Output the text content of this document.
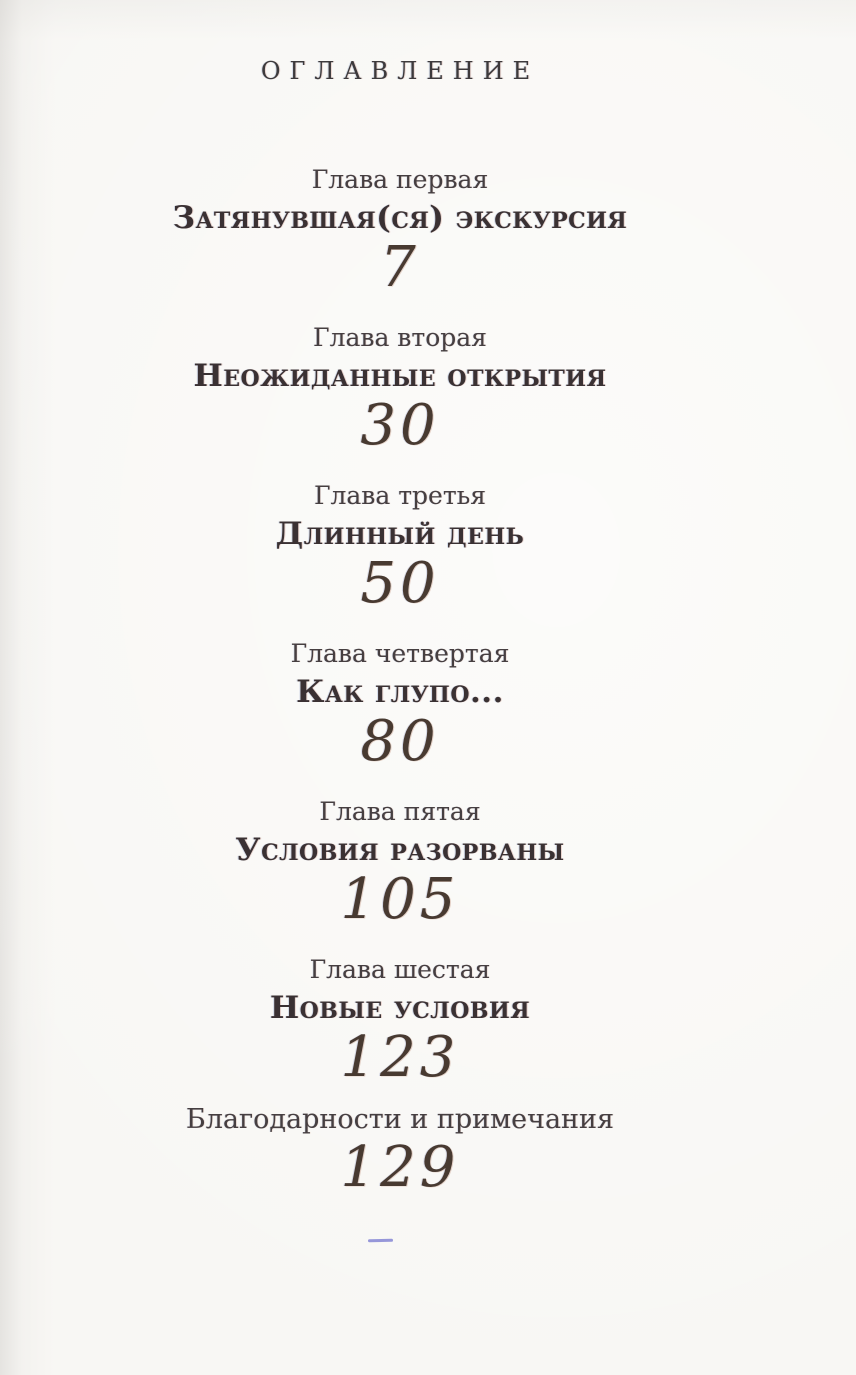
ОГЛАВЛЕНИЕ
Глава первая
Затянувшая(ся) экскурсия
7
Глава вторая
Неожиданные открытия
30
Глава третья
Длинный день
50
Глава четвертая
Как глупо...
80
Глава пятая
Условия разорваны
105
Глава шестая
Новые условия
123
Благодарности и примечания
129
